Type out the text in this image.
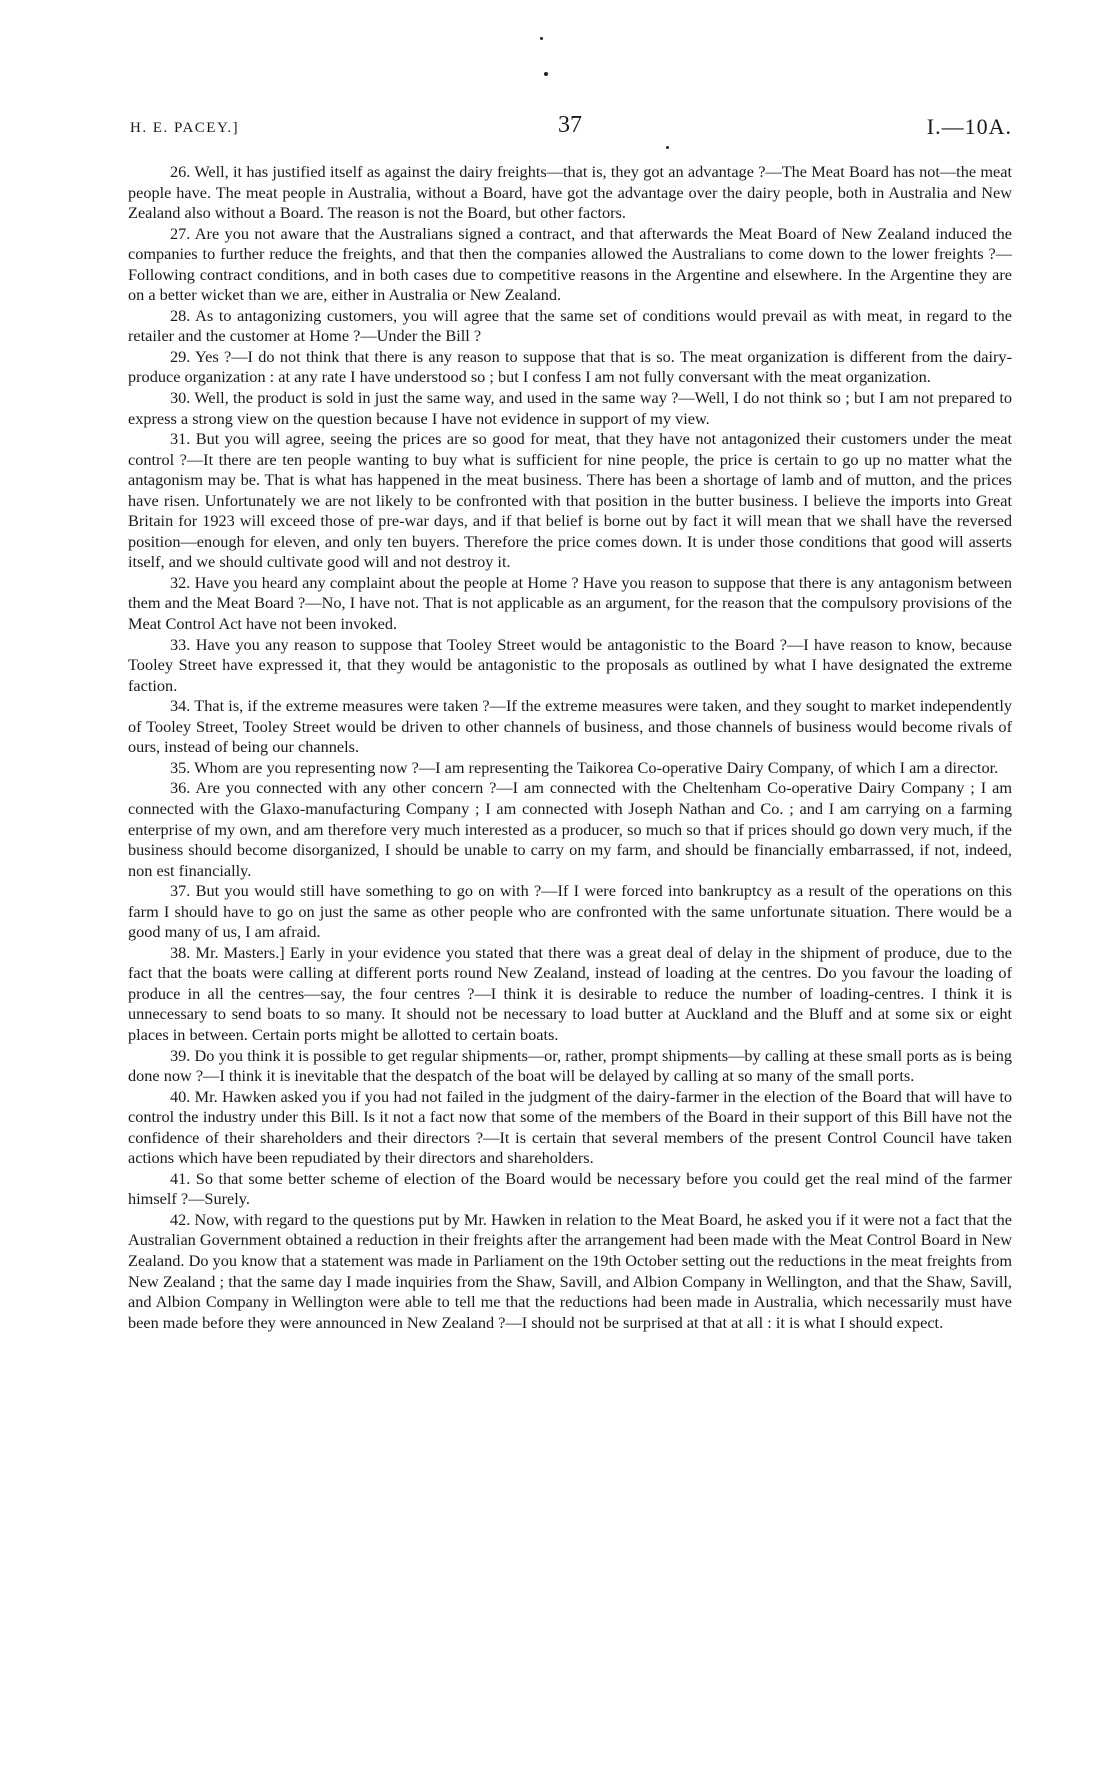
H. E. PACEY.]	37	I.—10A.

26. Well, it has justified itself as against the dairy freights—that is, they got an advantage ?—The Meat Board has not—the meat people have. The meat people in Australia, without a Board, have got the advantage over the dairy people, both in Australia and New Zealand also without a Board. The reason is not the Board, but other factors.

27. Are you not aware that the Australians signed a contract, and that afterwards the Meat Board of New Zealand induced the companies to further reduce the freights, and that then the companies allowed the Australians to come down to the lower freights ?—Following contract conditions, and in both cases due to competitive reasons in the Argentine and elsewhere. In the Argentine they are on a better wicket than we are, either in Australia or New Zealand.

28. As to antagonizing customers, you will agree that the same set of conditions would prevail as with meat, in regard to the retailer and the customer at Home ?—Under the Bill ?

29. Yes ?—I do not think that there is any reason to suppose that that is so. The meat organization is different from the dairy-produce organization : at any rate I have understood so ; but I confess I am not fully conversant with the meat organization.

30. Well, the product is sold in just the same way, and used in the same way ?—Well, I do not think so ; but I am not prepared to express a strong view on the question because I have not evidence in support of my view.

31. But you will agree, seeing the prices are so good for meat, that they have not antagonized their customers under the meat control ?—It there are ten people wanting to buy what is sufficient for nine people, the price is certain to go up no matter what the antagonism may be. That is what has happened in the meat business. There has been a shortage of lamb and of mutton, and the prices have risen. Unfortunately we are not likely to be confronted with that position in the butter business. I believe the imports into Great Britain for 1923 will exceed those of pre-war days, and if that belief is borne out by fact it will mean that we shall have the reversed position—enough for eleven, and only ten buyers. Therefore the price comes down. It is under those conditions that good will asserts itself, and we should cultivate good will and not destroy it.

32. Have you heard any complaint about the people at Home ? Have you reason to suppose that there is any antagonism between them and the Meat Board ?—No, I have not. That is not applicable as an argument, for the reason that the compulsory provisions of the Meat Control Act have not been invoked.

33. Have you any reason to suppose that Tooley Street would be antagonistic to the Board ?—I have reason to know, because Tooley Street have expressed it, that they would be antagonistic to the proposals as outlined by what I have designated the extreme faction.

34. That is, if the extreme measures were taken ?—If the extreme measures were taken, and they sought to market independently of Tooley Street, Tooley Street would be driven to other channels of business, and those channels of business would become rivals of ours, instead of being our channels.

35. Whom are you representing now ?—I am representing the Taikorea Co-operative Dairy Company, of which I am a director.

36. Are you connected with any other concern ?—I am connected with the Cheltenham Co-operative Dairy Company ; I am connected with the Glaxo-manufacturing Company ; I am connected with Joseph Nathan and Co. ; and I am carrying on a farming enterprise of my own, and am therefore very much interested as a producer, so much so that if prices should go down very much, if the business should become disorganized, I should be unable to carry on my farm, and should be financially embarrassed, if not, indeed, non est financially.

37. But you would still have something to go on with ?—If I were forced into bankruptcy as a result of the operations on this farm I should have to go on just the same as other people who are confronted with the same unfortunate situation. There would be a good many of us, I am afraid.

38. Mr. Masters.] Early in your evidence you stated that there was a great deal of delay in the shipment of produce, due to the fact that the boats were calling at different ports round New Zealand, instead of loading at the centres. Do you favour the loading of produce in all the centres—say, the four centres ?—I think it is desirable to reduce the number of loading-centres. I think it is unnecessary to send boats to so many. It should not be necessary to load butter at Auckland and the Bluff and at some six or eight places in between. Certain ports might be allotted to certain boats.

39. Do you think it is possible to get regular shipments—or, rather, prompt shipments—by calling at these small ports as is being done now ?—I think it is inevitable that the despatch of the boat will be delayed by calling at so many of the small ports.

40. Mr. Hawken asked you if you had not failed in the judgment of the dairy-farmer in the election of the Board that will have to control the industry under this Bill. Is it not a fact now that some of the members of the Board in their support of this Bill have not the confidence of their shareholders and their directors ?—It is certain that several members of the present Control Council have taken actions which have been repudiated by their directors and shareholders.

41. So that some better scheme of election of the Board would be necessary before you could get the real mind of the farmer himself ?—Surely.

42. Now, with regard to the questions put by Mr. Hawken in relation to the Meat Board, he asked you if it were not a fact that the Australian Government obtained a reduction in their freights after the arrangement had been made with the Meat Control Board in New Zealand. Do you know that a statement was made in Parliament on the 19th October setting out the reductions in the meat freights from New Zealand ; that the same day I made inquiries from the Shaw, Savill, and Albion Company in Wellington, and that the Shaw, Savill, and Albion Company in Wellington were able to tell me that the reductions had been made in Australia, which necessarily must have been made before they were announced in New Zealand ?—I should not be surprised at that at all : it is what I should expect.
